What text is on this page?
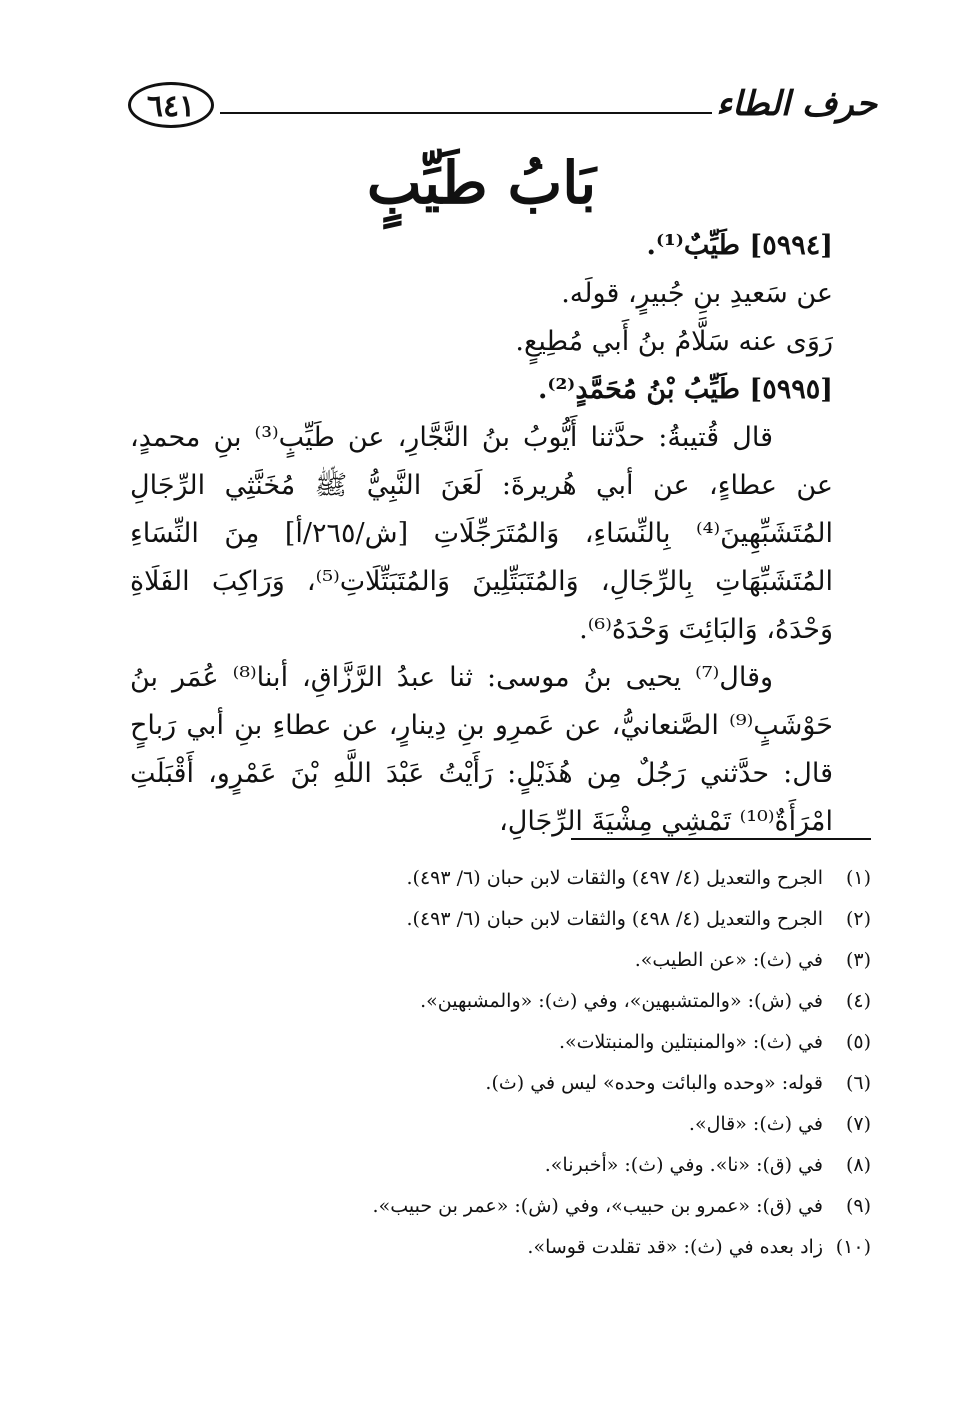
حرف الطاء
٦٤١
بَابُ طَيِّبٍ

[٥٩٩٤] طَيِّبٌ⁽¹⁾.

عن سَعيدِ بنِ جُبيرٍ، قولَه.

رَوَى عنه سَلَّامُ بنُ أَبي مُطِيعٍ.

[٥٩٩٥] طَيِّبُ بْنُ مُحَمَّدٍ⁽²⁾.

قال قُتيبةُ: حدَّثنا أَيُّوبُ بنُ النَّجَّارِ، عن طَيِّبٍ⁽³⁾ بنِ محمدٍ، عن عطاءٍ، عن أبي هُريرةَ: لَعَنَ النَّبِيُّ ﷺ مُخَنَّثِي الرِّجَالِ المُتَشَبِّهِينَ⁽⁴⁾ بِالنِّسَاءِ، وَالمُتَرَجِّلَاتِ [ش/٢٦٥/أ] مِنَ النِّسَاءِ المُتَشَبِّهَاتِ بِالرِّجَالِ، وَالمُتَبَتِّلِينَ وَالمُتَبَتِّلَاتِ⁽⁵⁾، وَرَاكِبَ الفَلَاةِ وَحْدَهُ، وَالبَائِتَ وَحْدَهُ⁽⁶⁾.

وقال⁽⁷⁾ يحيى بنُ موسى: ثنا عبدُ الرَّزَّاقِ، أبنا⁽⁸⁾ عُمَر بنُ حَوْشَبٍ⁽⁹⁾ الصَّنعانيُّ، عن عَمرِو بنِ دِينارٍ، عن عطاءِ بنِ أبي رَباحٍ قال: حدَّثني رَجُلٌ مِن هُذَيْلٍ: رَأَيْتُ عَبْدَ اللَّهِ بْنَ عَمْرٍو، أَقْبَلَتِ امْرَأَةٌ⁽¹⁰⁾ تَمْشِي مِشْيَةَ الرِّجَالِ،

(١)الجرح والتعديل (٤/ ٤٩٧) والثقات لابن حبان (٦/ ٤٩٣).

(٢)الجرح والتعديل (٤/ ٤٩٨) والثقات لابن حبان (٦/ ٤٩٣).

(٣)في (ث): «عن الطيب».

(٤)في (ش): «والمتشبهين»، وفي (ث): «والمشبهين».

(٥)في (ث): «والمنبتلين والمنبتلات».

(٦)قوله: «وحده والبائت وحده» ليس في (ث).

(٧)في (ث): «قال».

(٨)في (ق): «نا». وفي (ث): «أخبرنا».

(٩)في (ق): «عمرو بن حبيب»، وفي (ش): «عمر بن حبيب».

(١٠)زاد بعده في (ث): «قد تقلدت قوسا».
